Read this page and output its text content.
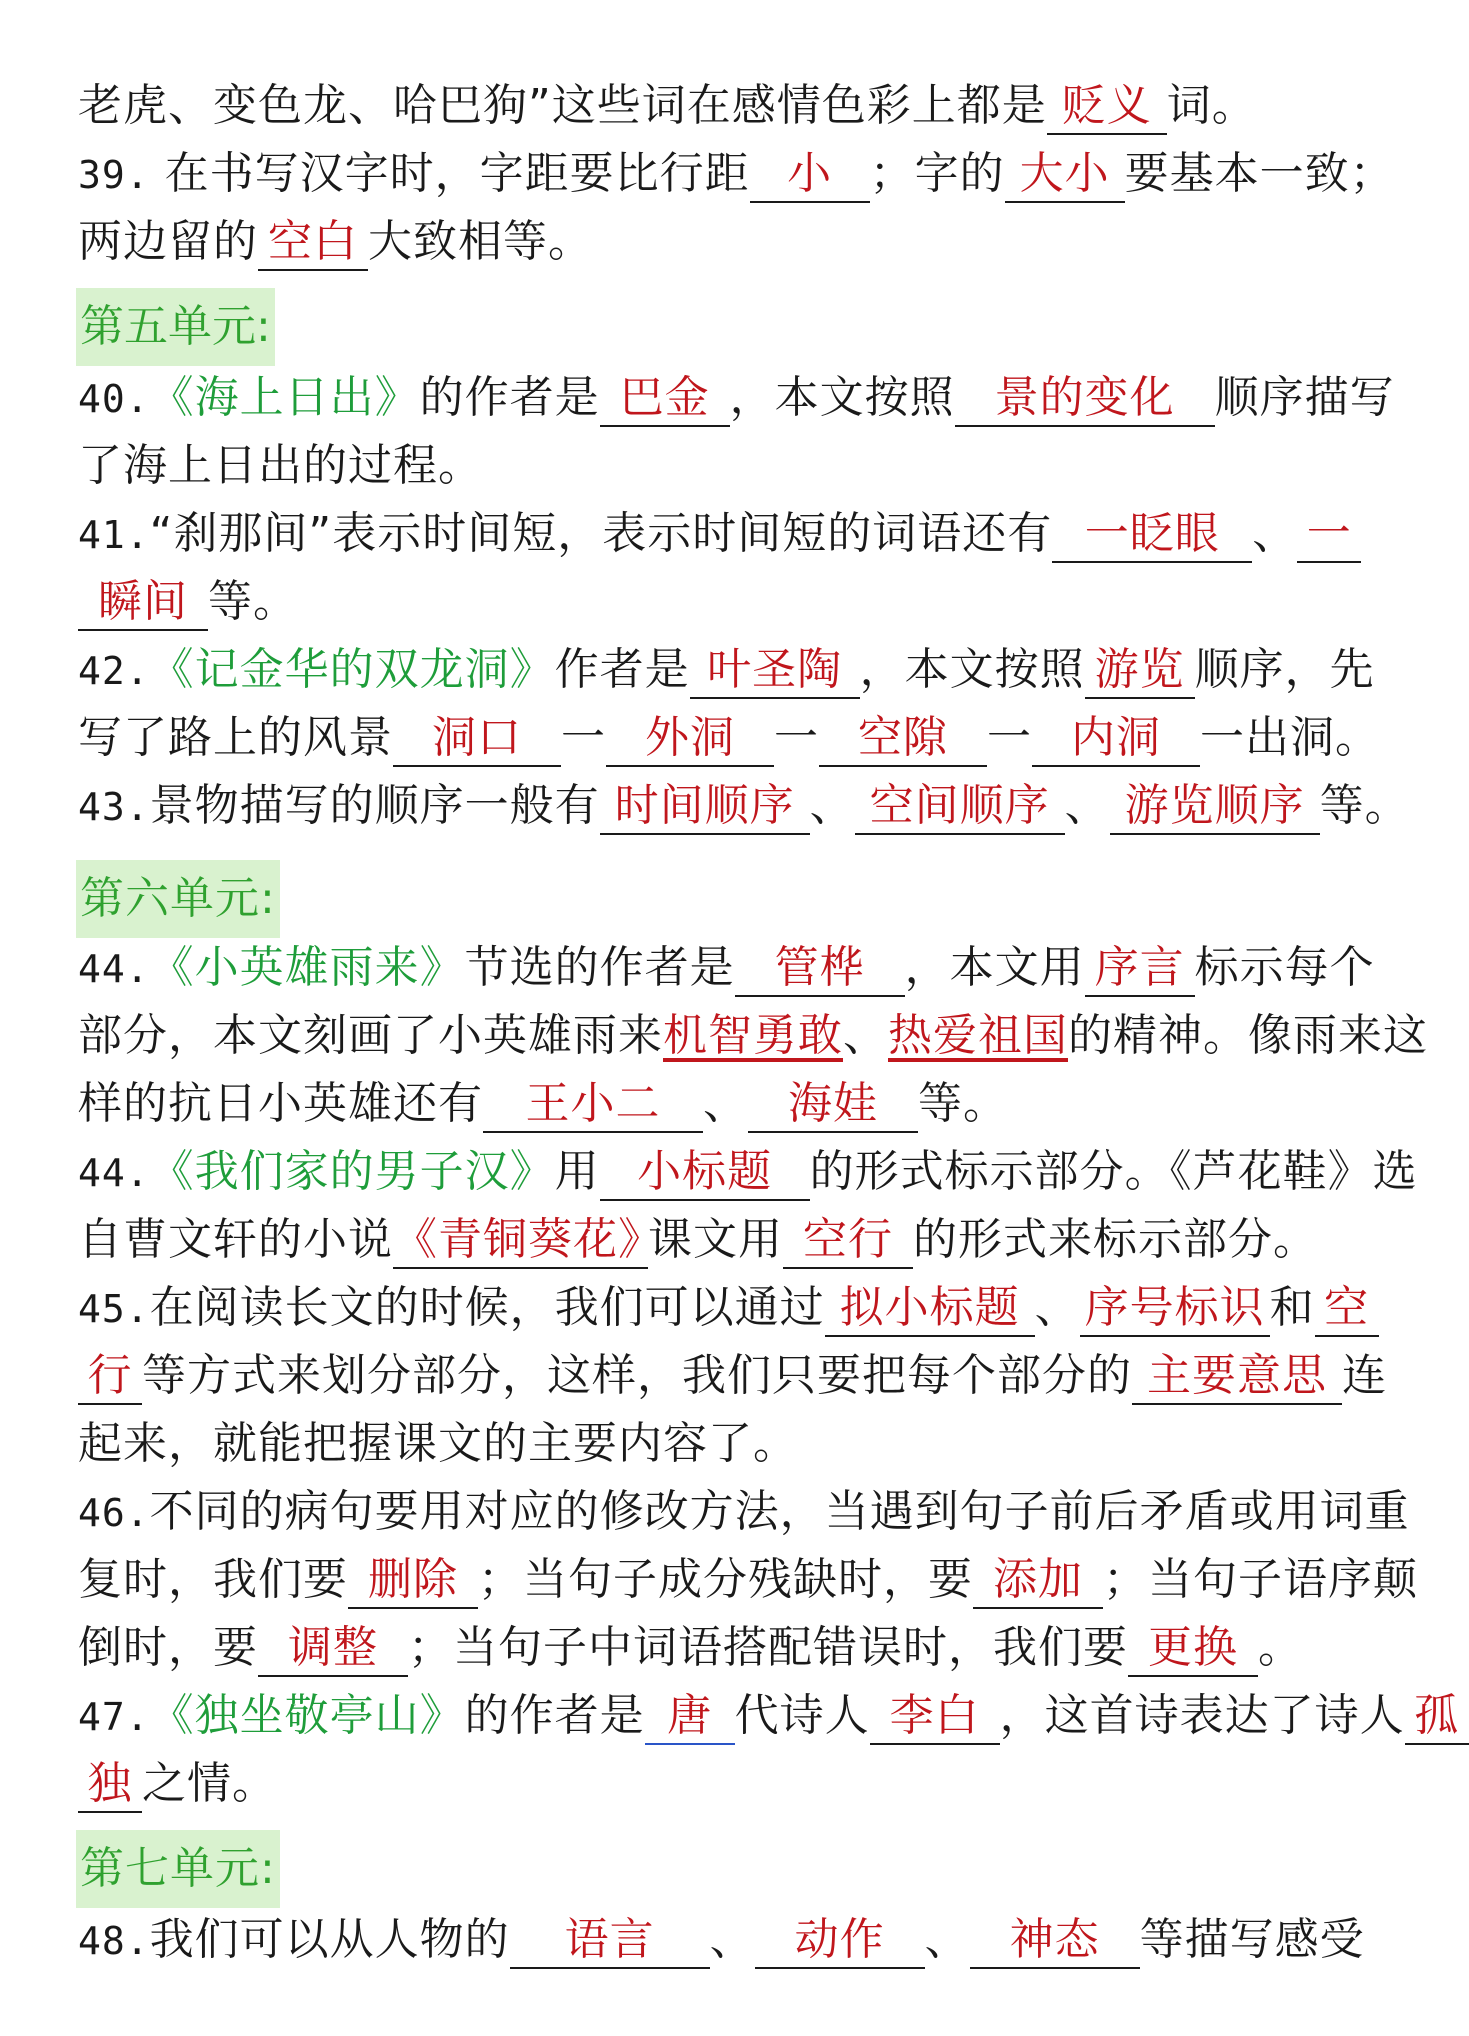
老虎、变色龙、哈巴狗”这些词在感情色彩上都是 贬义 词。
39. 在书写汉字时，字距要比行距 小 ；字的 大小 要基本一致；
两边留的 空白 大致相等。
第五单元:
40.《海上日出》的作者是 巴金 ，本文按照 景的变化 顺序描写
了海上日出的过程。
41.“刹那间”表示时间短，表示时间短的词语还有 一眨眼 、 一
瞬间 等。
42.《记金华的双龙洞》作者是 叶圣陶 ，本文按照 游览 顺序，先
写了路上的风景 洞口 一 外洞 一 空隙 一 内洞 一出洞。
43.景物描写的顺序一般有 时间顺序 、 空间顺序 、 游览顺序 等。
第六单元:
44.《小英雄雨来》节选的作者是 管桦 ，本文用 序言 标示每个
部分，本文刻画了小英雄雨来机智勇敢、热爱祖国的精神。像雨来这
样的抗日小英雄还有 王小二 、 海娃 等。
44.《我们家的男子汉》用 小标题 的形式标示部分。《芦花鞋》选
自曹文轩的小说《青铜葵花》课文用 空行 的形式来标示部分。
45.在阅读长文的时候，我们可以通过 拟小标题 、 序号标识 和 空
行 等方式来划分部分，这样，我们只要把每个部分的 主要意思 连
起来，就能把握课文的主要内容了。
46.不同的病句要用对应的修改方法，当遇到句子前后矛盾或用词重
复时，我们要 删除 ；当句子成分残缺时，要 添加 ；当句子语序颠
倒时，要 调整 ；当句子中词语搭配错误时，我们要 更换 。
47.《独坐敬亭山》的作者是 唐 代诗人 李白 ，这首诗表达了诗人 孤
独 之情。
第七单元:
48.我们可以从人物的 语言 、 动作 、 神态 等描写感受
